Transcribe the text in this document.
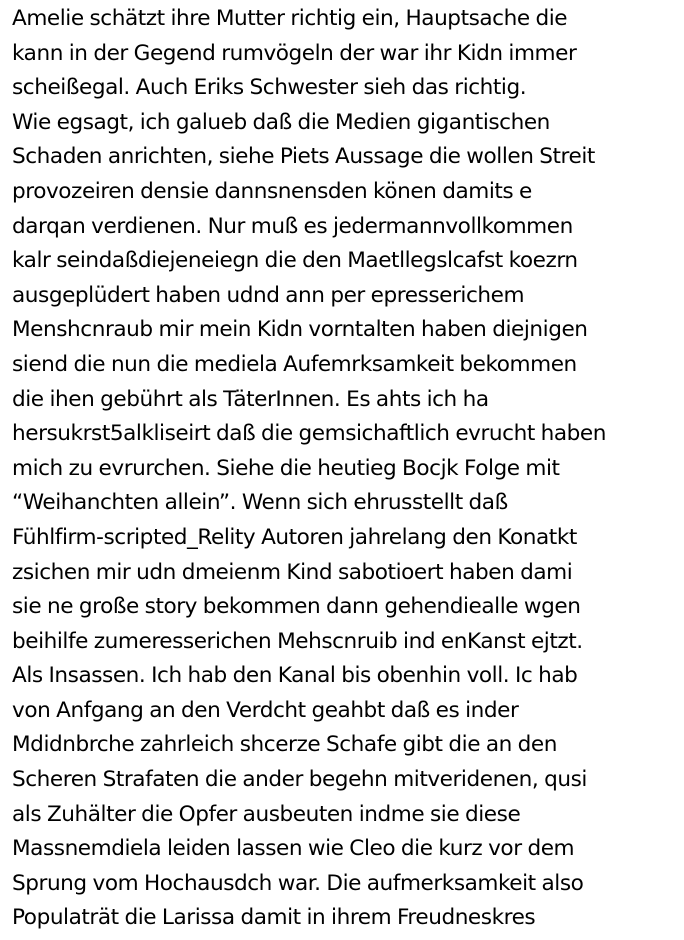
Amelie schätzt ihre Mutter richtig ein, Hauptsache die
kann in der Gegend rumvögeln der war ihr Kidn immer
scheißegal. Auch Eriks Schwester sieh das richtig.
Wie egsagt, ich galueb daß die Medien gigantischen
Schaden anrichten, siehe Piets Aussage die wollen Streit
provozeiren densie dannsnensden könen damits e
darqan verdienen. Nur muß es jedermannvollkommen
kalr seindaßdiejeneiegn die den Maetllegslcafst koezrn
ausgeplüdert haben udnd ann per epresserichem
Menshcnraub mir mein Kidn vorntalten haben diejnigen
siend die nun die mediela Aufemrksamkeit bekommen
die ihen gebührt als TäterInnen. Es ahts ich ha
hersukrst5alkliseirt daß die gemsichaftlich evrucht haben
mich zu evrurchen. Siehe die heutieg Bocjk Folge mit
“Weihanchten allein”. Wenn sich ehrusstellt daß
Fühlfirm-scripted_Relity Autoren jahrelang den Konatkt
zsichen mir udn dmeienm Kind sabotioert haben dami
sie ne große story bekommen dann gehendiealle wgen
beihilfe zumeresserichen Mehscnruib ind enKanst ejtzt.
Als Insassen. Ich hab den Kanal bis obenhin voll. Ic hab
von Anfgang an den Verdcht geahbt daß es inder
Mdidnbrche zahrleich shcerze Schafe gibt die an den
Scheren Strafaten die ander begehn mitveridenen, qusi
als Zuhälter die Opfer ausbeuten indme sie diese
Massnemdiela leiden lassen wie Cleo die kurz vor dem
Sprung vom Hochausdch war. Die aufmerksamkeit also
Populaträt die Larissa damit in ihrem Freudneskres
